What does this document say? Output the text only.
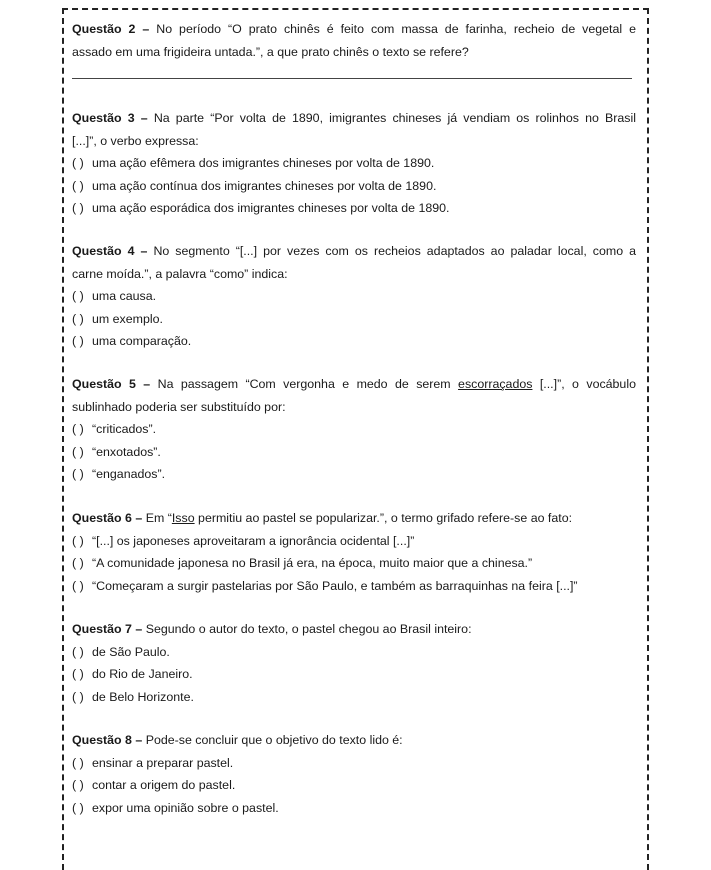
Questão 2 – No período “O prato chinês é feito com massa de farinha, recheio de vegetal e

assado em uma frigideira untada.”, a que prato chinês o texto se refere?

Questão 3 – Na parte “Por volta de 1890, imigrantes chineses já vendiam os rolinhos no Brasil

[...]”, o verbo expressa:

( ) uma ação efêmera dos imigrantes chineses por volta de 1890.
( ) uma ação contínua dos imigrantes chineses por volta de 1890.
( ) uma ação esporádica dos imigrantes chineses por volta de 1890.

Questão 4 – No segmento “[...] por vezes com os recheios adaptados ao paladar local, como a

carne moída.”, a palavra “como” indica:

( ) uma causa.
( ) um exemplo.
( ) uma comparação.

Questão 5 – Na passagem “Com vergonha e medo de serem escorraçados [...]”, o vocábulo

sublinhado poderia ser substituído por:

( ) “criticados”.
( ) “enxotados”.
( ) “enganados”.

Questão 6 – Em “Isso permitiu ao pastel se popularizar.”, o termo grifado refere-se ao fato:

( ) “[...] os japoneses aproveitaram a ignorância ocidental [...]”
( ) “A comunidade japonesa no Brasil já era, na época, muito maior que a chinesa.”
( ) “Começaram a surgir pastelarias por São Paulo, e também as barraquinhas na feira [...]”

Questão 7 – Segundo o autor do texto, o pastel chegou ao Brasil inteiro:

( ) de São Paulo.
( ) do Rio de Janeiro.
( ) de Belo Horizonte.

Questão 8 – Pode-se concluir que o objetivo do texto lido é:

( ) ensinar a preparar pastel.
( ) contar a origem do pastel.
( ) expor uma opinião sobre o pastel.
